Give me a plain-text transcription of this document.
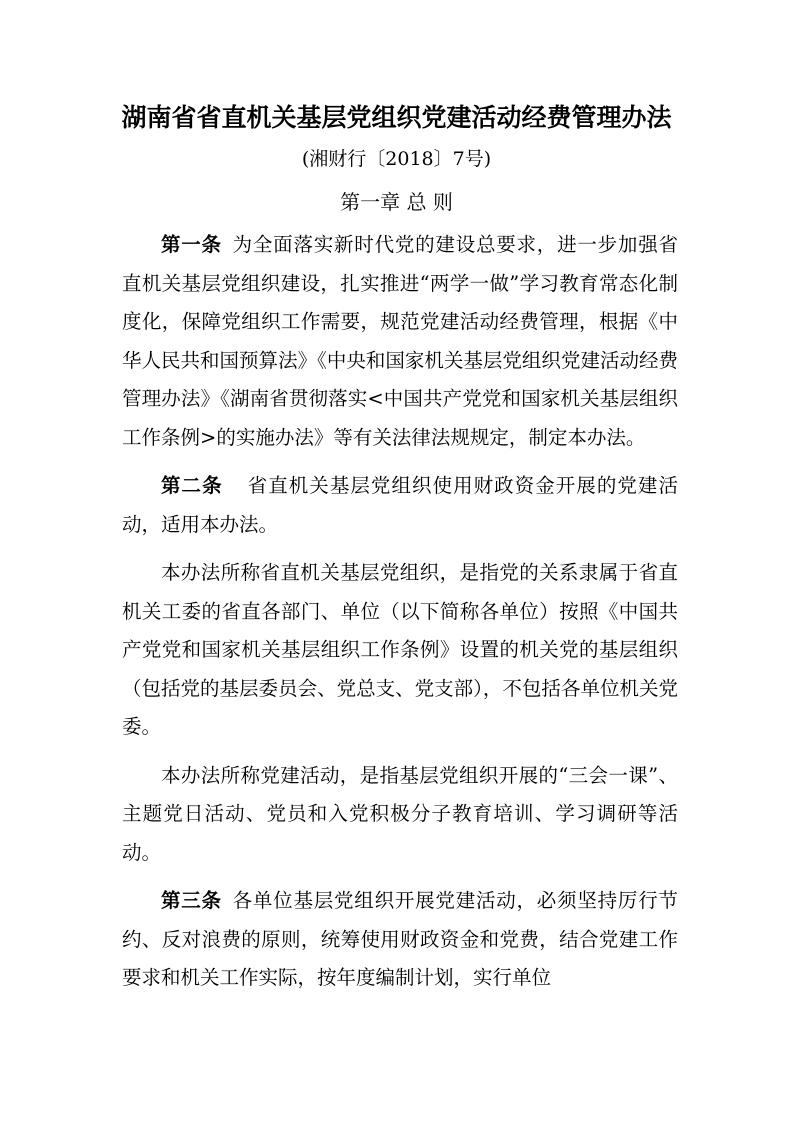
湖南省省直机关基层党组织党建活动经费管理办法
(湘财行〔2018〕7号)
第一章 总 则

第一条 为全面落实新时代党的建设总要求，进一步加强省直机关基层党组织建设，扎实推进“两学一做”学习教育常态化制度化，保障党组织工作需要，规范党建活动经费管理，根据《中华人民共和国预算法》《中央和国家机关基层党组织党建活动经费管理办法》《湖南省贯彻落实<中国共产党党和国家机关基层组织工作条例>的实施办法》等有关法律法规规定，制定本办法。

第二条 省直机关基层党组织使用财政资金开展的党建活动，适用本办法。

本办法所称省直机关基层党组织，是指党的关系隶属于省直机关工委的省直各部门、单位（以下简称各单位）按照《中国共产党党和国家机关基层组织工作条例》设置的机关党的基层组织（包括党的基层委员会、党总支、党支部），不包括各单位机关党委。

本办法所称党建活动，是指基层党组织开展的“三会一课”、主题党日活动、党员和入党积极分子教育培训、学习调研等活动。

第三条 各单位基层党组织开展党建活动，必须坚持厉行节约、反对浪费的原则，统筹使用财政资金和党费，结合党建工作要求和机关工作实际，按年度编制计划，实行单位
